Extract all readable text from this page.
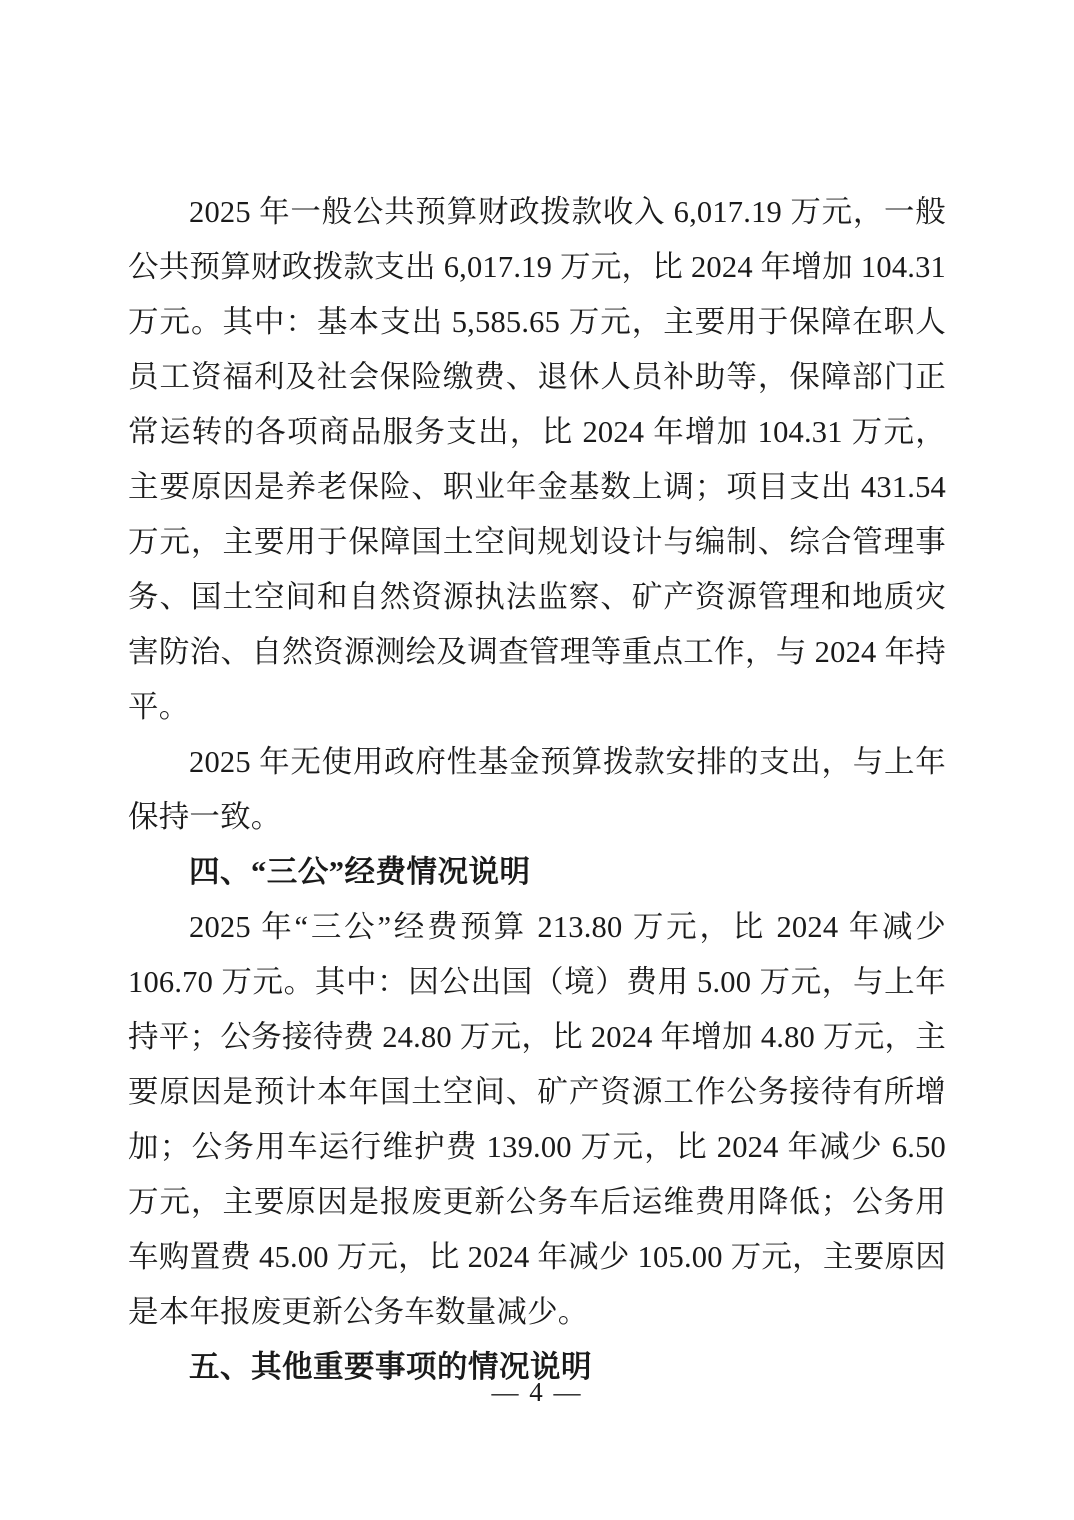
2025 年一般公共预算财政拨款收入 6,017.19 万元，一般公共预算财政拨款支出 6,017.19 万元，比 2024 年增加 104.31 万元。其中：基本支出 5,585.65 万元，主要用于保障在职人员工资福利及社会保险缴费、退休人员补助等，保障部门正常运转的各项商品服务支出，比 2024 年增加 104.31 万元，主要原因是养老保险、职业年金基数上调；项目支出 431.54 万元，主要用于保障国土空间规划设计与编制、综合管理事务、国土空间和自然资源执法监察、矿产资源管理和地质灾害防治、自然资源测绘及调查管理等重点工作，与 2024 年持平。

2025 年无使用政府性基金预算拨款安排的支出，与上年保持一致。

四、“三公”经费情况说明

2025 年“三公”经费预算 213.80 万元，比 2024 年减少 106.70 万元。其中：因公出国（境）费用 5.00 万元，与上年持平；公务接待费 24.80 万元，比 2024 年增加 4.80 万元，主要原因是预计本年国土空间、矿产资源工作公务接待有所增加；公务用车运行维护费 139.00 万元，比 2024 年减少 6.50 万元，主要原因是报废更新公务车后运维费用降低；公务用车购置费 45.00 万元，比 2024 年减少 105.00 万元，主要原因是本年报废更新公务车数量减少。

五、其他重要事项的情况说明
— 4 —
